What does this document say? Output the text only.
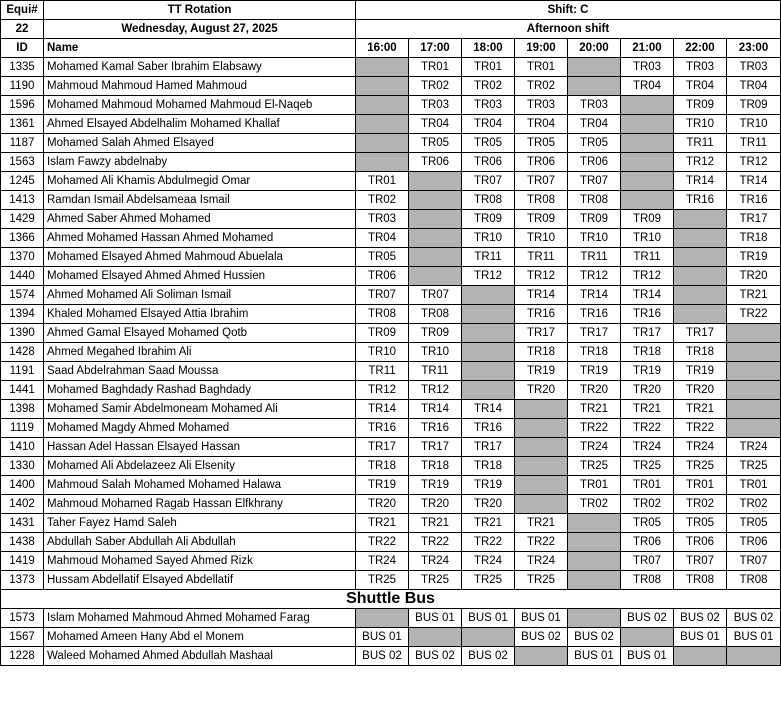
Equi#	TT Rotation	Shift: C							
22	Wednesday, August 27, 2025	Afternoon shift							
ID	Name	16:00	17:00	18:00	19:00	20:00	21:00	22:00	23:00
1335	Mohamed Kamal Saber Ibrahim Elabsawy		TR01	TR01	TR01		TR03	TR03	TR03
1190	Mahmoud Mahmoud Hamed Mahmoud		TR02	TR02	TR02		TR04	TR04	TR04
1596	Mohamed Mahmoud Mohamed Mahmoud El-Naqeb		TR03	TR03	TR03	TR03		TR09	TR09
1361	Ahmed Elsayed Abdelhalim Mohamed Khallaf		TR04	TR04	TR04	TR04		TR10	TR10
1187	Mohamed Salah Ahmed Elsayed		TR05	TR05	TR05	TR05		TR11	TR11
1563	Islam Fawzy abdelnaby		TR06	TR06	TR06	TR06		TR12	TR12
1245	Mohamed Ali Khamis Abdulmegid Omar	TR01		TR07	TR07	TR07		TR14	TR14
1413	Ramdan Ismail Abdelsameaa Ismail	TR02		TR08	TR08	TR08		TR16	TR16
1429	Ahmed Saber Ahmed Mohamed	TR03		TR09	TR09	TR09	TR09		TR17
1366	Ahmed Mohamed Hassan Ahmed Mohamed	TR04		TR10	TR10	TR10	TR10		TR18
1370	Mohamed Elsayed Ahmed Mahmoud Abuelala	TR05		TR11	TR11	TR11	TR11		TR19
1440	Mohamed Elsayed Ahmed Ahmed Hussien	TR06		TR12	TR12	TR12	TR12		TR20
1574	Ahmed Mohamed Ali Soliman Ismail	TR07	TR07		TR14	TR14	TR14		TR21
1394	Khaled Mohamed Elsayed Attia Ibrahim	TR08	TR08		TR16	TR16	TR16		TR22
1390	Ahmed Gamal Elsayed Mohamed Qotb	TR09	TR09		TR17	TR17	TR17	TR17	
1428	Ahmed Megahed Ibrahim Ali	TR10	TR10		TR18	TR18	TR18	TR18	
1191	Saad Abdelrahman Saad Moussa	TR11	TR11		TR19	TR19	TR19	TR19	
1441	Mohamed Baghdady Rashad Baghdady	TR12	TR12		TR20	TR20	TR20	TR20	
1398	Mohamed Samir Abdelmoneam Mohamed Ali	TR14	TR14	TR14		TR21	TR21	TR21	
1119	Mohamed Magdy Ahmed Mohamed	TR16	TR16	TR16		TR22	TR22	TR22	
1410	Hassan Adel Hassan Elsayed Hassan	TR17	TR17	TR17		TR24	TR24	TR24	TR24
1330	Mohamed Ali Abdelazeez Ali Elsenity	TR18	TR18	TR18		TR25	TR25	TR25	TR25
1400	Mahmoud Salah Mohamed Mohamed Halawa	TR19	TR19	TR19		TR01	TR01	TR01	TR01
1402	Mahmoud Mohamed Ragab Hassan Elfkhrany	TR20	TR20	TR20		TR02	TR02	TR02	TR02
1431	Taher Fayez Hamd Saleh	TR21	TR21	TR21	TR21		TR05	TR05	TR05
1438	Abdullah Saber Abdullah Ali Abdullah	TR22	TR22	TR22	TR22		TR06	TR06	TR06
1419	Mahmoud Mohamed Sayed Ahmed Rizk	TR24	TR24	TR24	TR24		TR07	TR07	TR07
1373	Hussam Abdellatif Elsayed Abdellatif	TR25	TR25	TR25	TR25		TR08	TR08	TR08
Shuttle Bus									
1573	Islam Mohamed Mahmoud Ahmed Mohamed Farag		BUS 01	BUS 01	BUS 01		BUS 02	BUS 02	BUS 02
1567	Mohamed Ameen Hany Abd el Monem	BUS 01			BUS 02	BUS 02		BUS 01	BUS 01
1228	Waleed Mohamed Ahmed Abdullah Mashaal	BUS 02	BUS 02	BUS 02		BUS 01	BUS 01		
